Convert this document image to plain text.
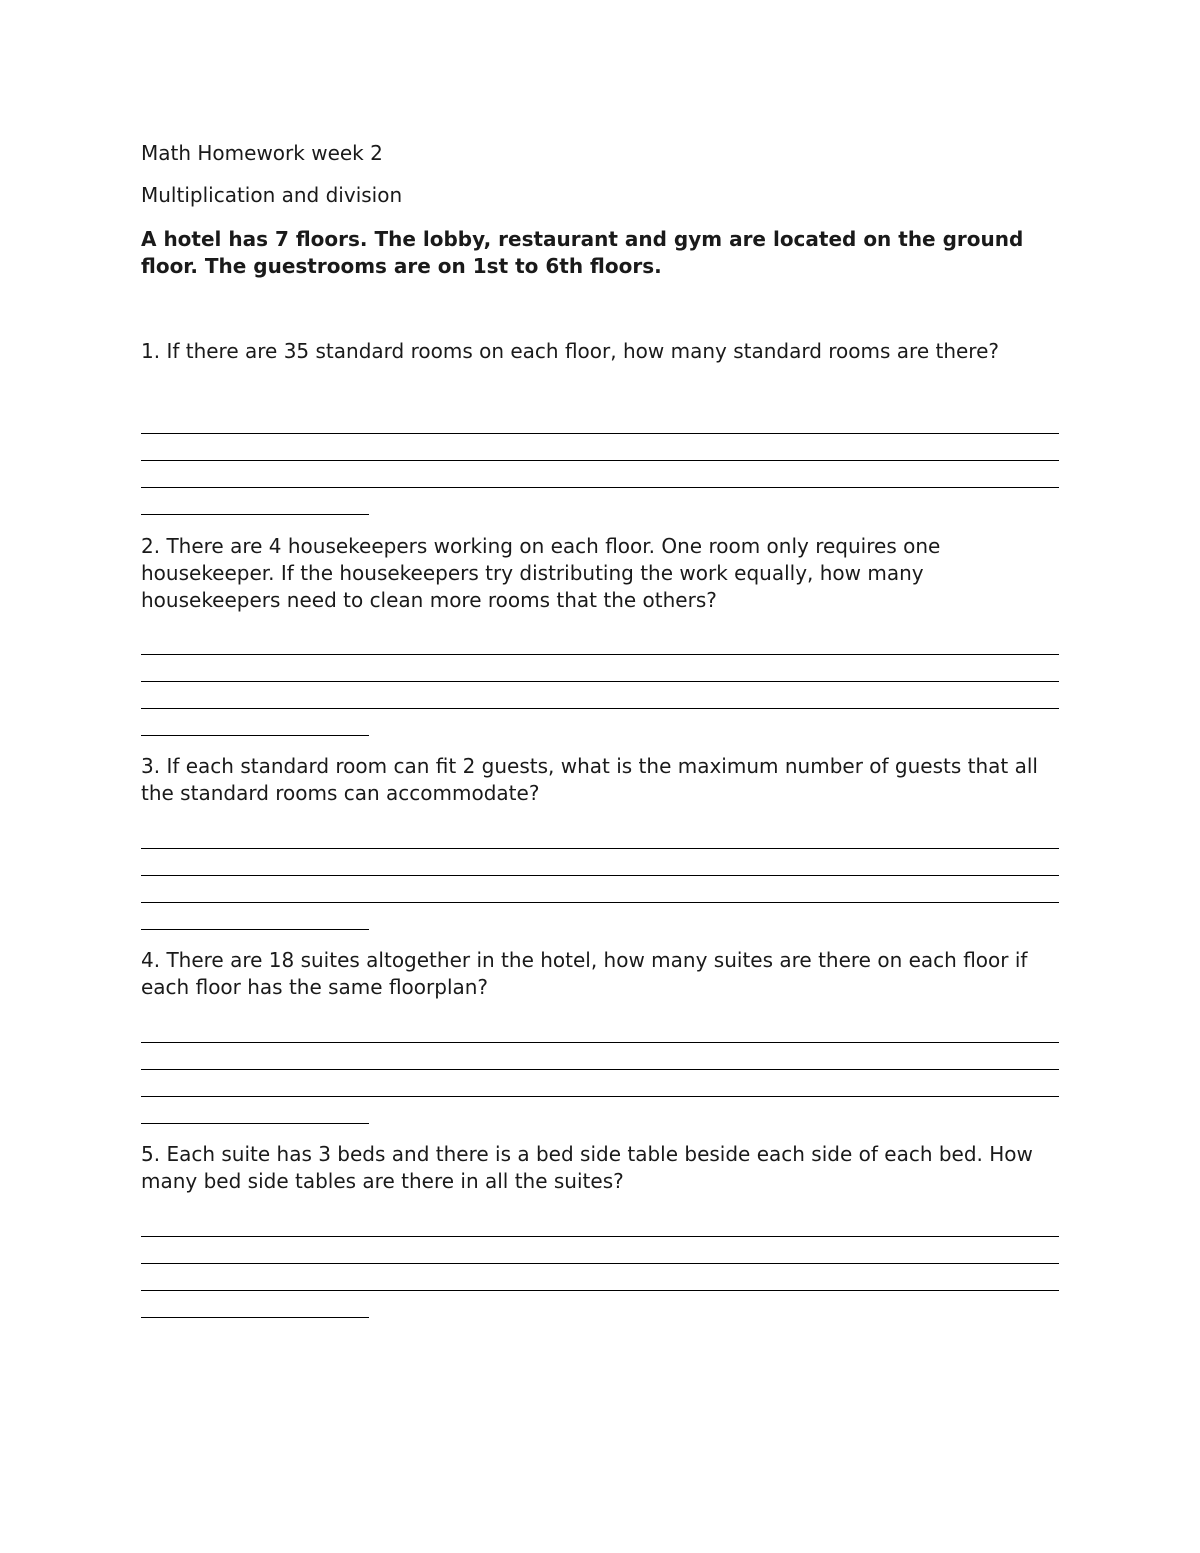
Math Homework week 2
Multiplication and division
A hotel has 7 floors. The lobby, restaurant and gym are located on the ground floor. The guestrooms are on 1st to 6th floors.

1. If there are 35 standard rooms on each floor, how many standard rooms are there?

2. There are 4 housekeepers working on each floor. One room only requires one housekeeper. If the housekeepers try distributing the work equally, how many housekeepers need to clean more rooms that the others?

3. If each standard room can fit 2 guests, what is the maximum number of guests that all the standard rooms can accommodate?

4. There are 18 suites altogether in the hotel, how many suites are there on each floor if each floor has the same floorplan?

5. Each suite has 3 beds and there is a bed side table beside each side of each bed. How many bed side tables are there in all the suites?
